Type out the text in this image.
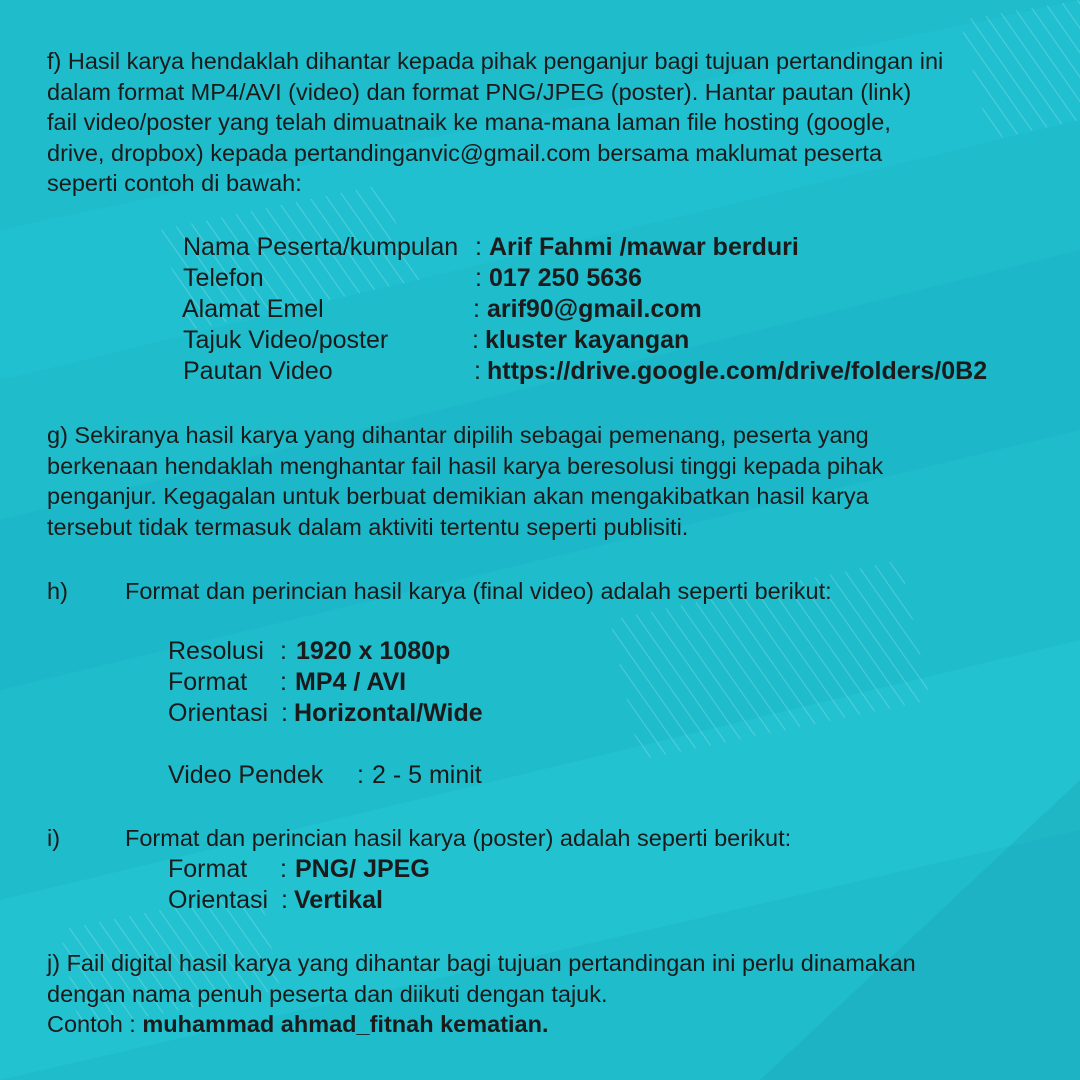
f) Hasil karya hendaklah dihantar kepada pihak penganjur bagi tujuan pertandingan ini
dalam format MP4/AVI (video) dan format PNG/JPEG (poster). Hantar pautan (link)
fail video/poster yang telah dimuatnaik ke mana-mana laman file hosting (google,
drive, dropbox) kepada pertandinganvic@gmail.com bersama maklumat peserta
seperti contoh di bawah:
Nama Peserta/kumpulan : Arif Fahmi /mawar berduri
Telefon	: 017 250 5636
Alamat Emel	: arif90@gmail.com
Tajuk Video/poster	: kluster kayangan
Pautan Video	: https://drive.google.com/drive/folders/0B2
g) Sekiranya hasil karya yang dihantar dipilih sebagai pemenang, peserta yang
berkenaan hendaklah menghantar fail hasil karya beresolusi tinggi kepada pihak
penganjur. Kegagalan untuk berbuat demikian akan mengakibatkan hasil karya
tersebut tidak termasuk dalam aktiviti tertentu seperti publisiti.
h) Format dan perincian hasil karya (final video) adalah seperti berikut:
Resolusi : 1920 x 1080p
Format : MP4 / AVI
Orientasi : Horizontal/Wide
Video Pendek : 2 - 5 minit
i)	Format dan perincian hasil karya (poster) adalah seperti berikut:
Format : PNG/ JPEG
Orientasi : Vertikal
j) Fail digital hasil karya yang dihantar bagi tujuan pertandingan ini perlu dinamakan
dengan nama penuh peserta dan diikuti dengan tajuk.
Contoh : muhammad ahmad_fitnah kematian.
